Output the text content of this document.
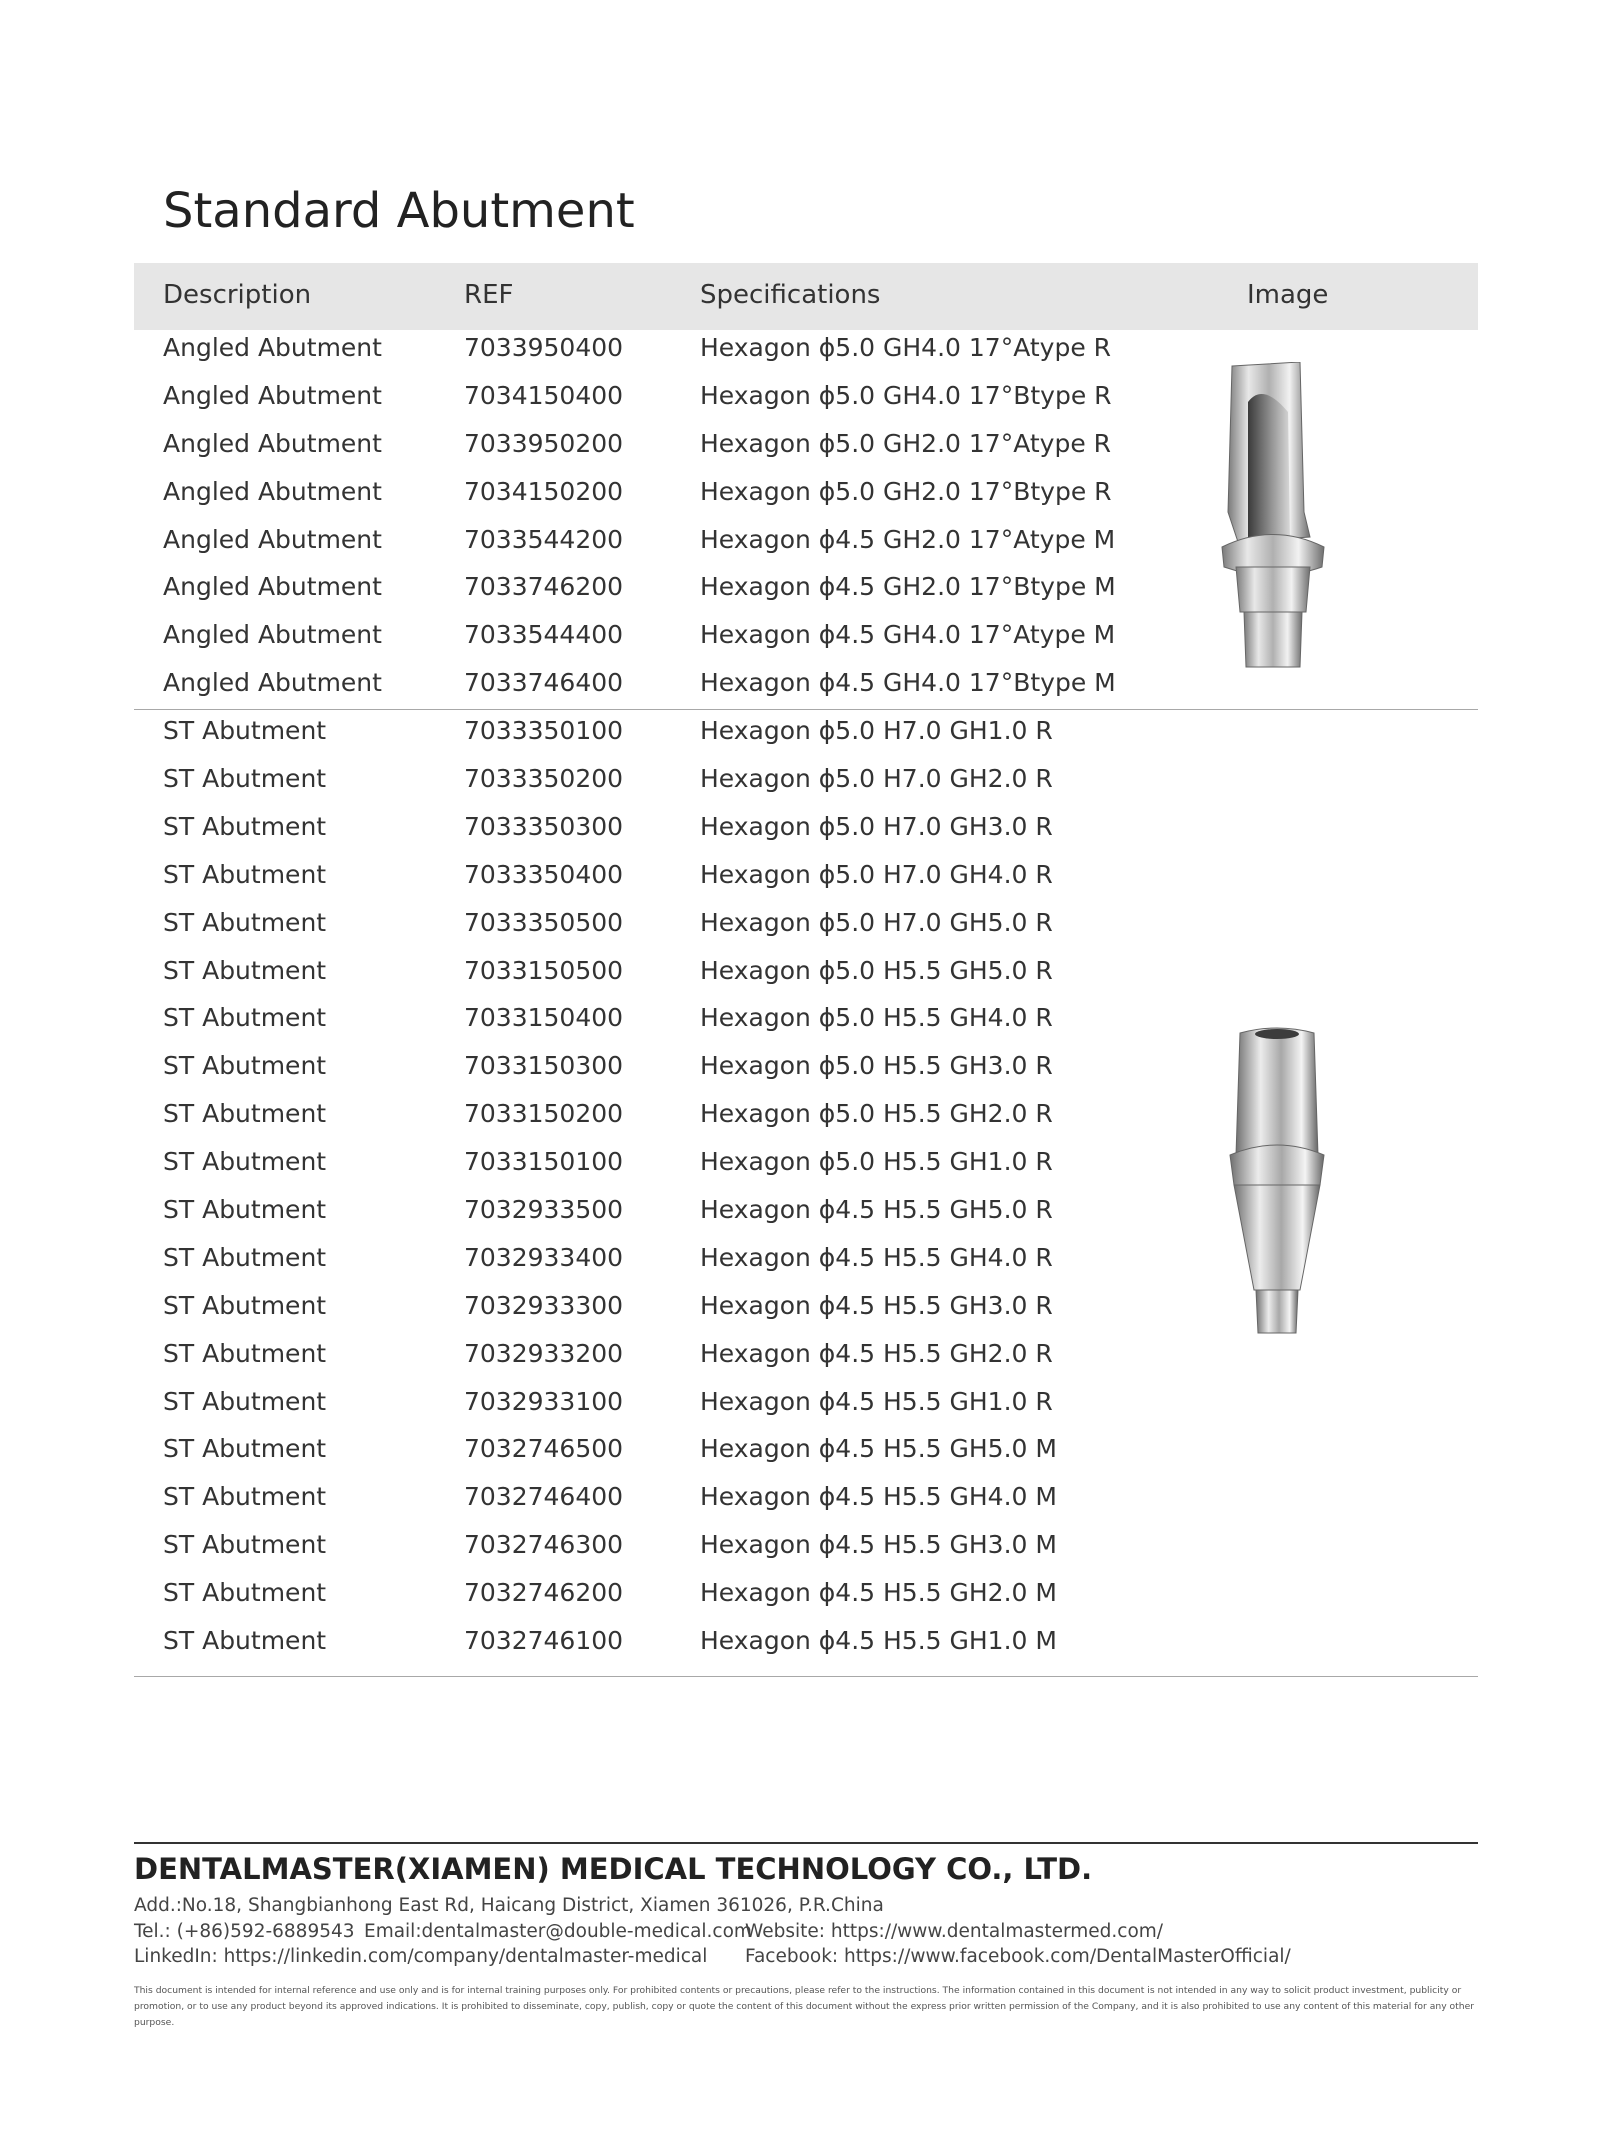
Standard Abutment
Description	REF	Specifications	Image
Angled Abutment	7033950400	Hexagon ϕ5.0 GH4.0 17°Atype R
Angled Abutment	7034150400	Hexagon ϕ5.0 GH4.0 17°Btype R
Angled Abutment	7033950200	Hexagon ϕ5.0 GH2.0 17°Atype R
Angled Abutment	7034150200	Hexagon ϕ5.0 GH2.0 17°Btype R
Angled Abutment	7033544200	Hexagon ϕ4.5 GH2.0 17°Atype M
Angled Abutment	7033746200	Hexagon ϕ4.5 GH2.0 17°Btype M
Angled Abutment	7033544400	Hexagon ϕ4.5 GH4.0 17°Atype M
Angled Abutment	7033746400	Hexagon ϕ4.5 GH4.0 17°Btype M
ST Abutment	7033350100	Hexagon ϕ5.0 H7.0 GH1.0 R
ST Abutment	7033350200	Hexagon ϕ5.0 H7.0 GH2.0 R
ST Abutment	7033350300	Hexagon ϕ5.0 H7.0 GH3.0 R
ST Abutment	7033350400	Hexagon ϕ5.0 H7.0 GH4.0 R
ST Abutment	7033350500	Hexagon ϕ5.0 H7.0 GH5.0 R
ST Abutment	7033150500	Hexagon ϕ5.0 H5.5 GH5.0 R
ST Abutment	7033150400	Hexagon ϕ5.0 H5.5 GH4.0 R
ST Abutment	7033150300	Hexagon ϕ5.0 H5.5 GH3.0 R
ST Abutment	7033150200	Hexagon ϕ5.0 H5.5 GH2.0 R
ST Abutment	7033150100	Hexagon ϕ5.0 H5.5 GH1.0 R
ST Abutment	7032933500	Hexagon ϕ4.5 H5.5 GH5.0 R
ST Abutment	7032933400	Hexagon ϕ4.5 H5.5 GH4.0 R
ST Abutment	7032933300	Hexagon ϕ4.5 H5.5 GH3.0 R
ST Abutment	7032933200	Hexagon ϕ4.5 H5.5 GH2.0 R
ST Abutment	7032933100	Hexagon ϕ4.5 H5.5 GH1.0 R
ST Abutment	7032746500	Hexagon ϕ4.5 H5.5 GH5.0 M
ST Abutment	7032746400	Hexagon ϕ4.5 H5.5 GH4.0 M
ST Abutment	7032746300	Hexagon ϕ4.5 H5.5 GH3.0 M
ST Abutment	7032746200	Hexagon ϕ4.5 H5.5 GH2.0 M
ST Abutment	7032746100	Hexagon ϕ4.5 H5.5 GH1.0 M
DENTALMASTER(XIAMEN) MEDICAL TECHNOLOGY CO., LTD.
Add.:No.18, Shangbianhong East Rd, Haicang District, Xiamen 361026, P.R.China
Tel.: (+86)592-6889543 Email:dentalmaster@double-medical.com
Website: https://www.dentalmastermed.com/
LinkedIn: https://linkedin.com/company/dentalmaster-medical Facebook: https://www.facebook.com/DentalMasterOfficial/
This document is intended for internal reference and use only and is for internal training purposes only. For prohibited contents or precautions, please refer to the instructions. The information contained in this document is not intended in any way to solicit product investment, publicity or promotion, or to use any product beyond its approved indications. It is prohibited to disseminate, copy, publish, copy or quote the content of this document without the express prior written permission of the Company, and it is also prohibited to use any content of this material for any other purpose.
